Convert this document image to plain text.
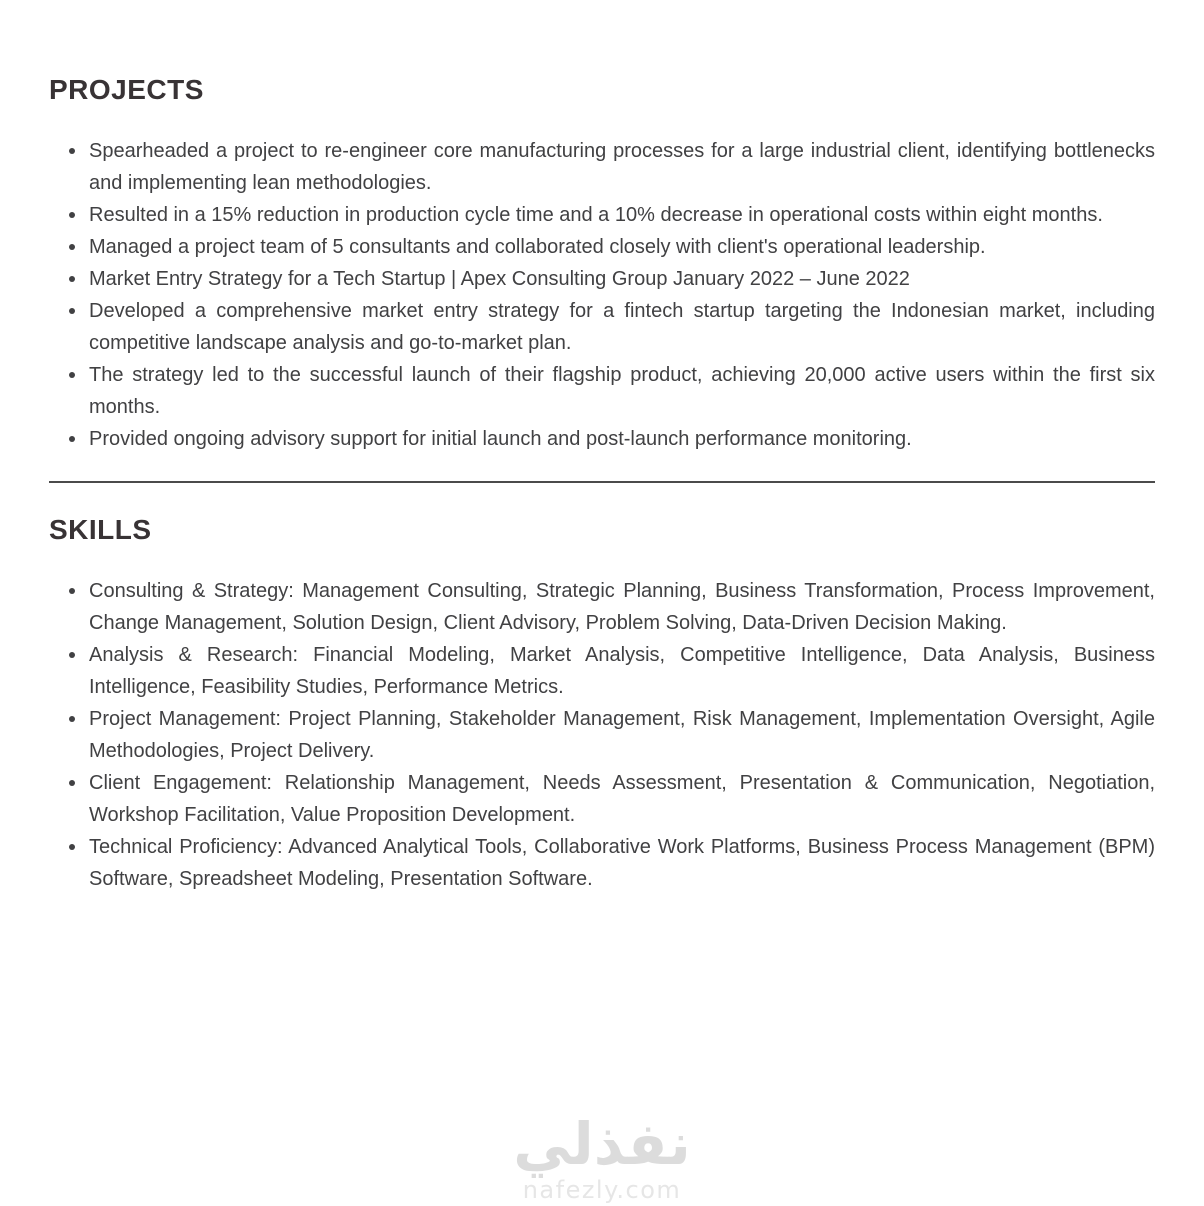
PROJECTS
Spearheaded a project to re-engineer core manufacturing processes for a large industrial client, identifying bottlenecks and implementing lean methodologies.
Resulted in a 15% reduction in production cycle time and a 10% decrease in operational costs within eight months.
Managed a project team of 5 consultants and collaborated closely with client's operational leadership.
Market Entry Strategy for a Tech Startup | Apex Consulting Group January 2022 – June 2022
Developed a comprehensive market entry strategy for a fintech startup targeting the Indonesian market, including competitive landscape analysis and go-to-market plan.
The strategy led to the successful launch of their flagship product, achieving 20,000 active users within the first six months.
Provided ongoing advisory support for initial launch and post-launch performance monitoring.
SKILLS
Consulting & Strategy: Management Consulting, Strategic Planning, Business Transformation, Process Improvement, Change Management, Solution Design, Client Advisory, Problem Solving, Data-Driven Decision Making.
Analysis & Research: Financial Modeling, Market Analysis, Competitive Intelligence, Data Analysis, Business Intelligence, Feasibility Studies, Performance Metrics.
Project Management: Project Planning, Stakeholder Management, Risk Management, Implementation Oversight, Agile Methodologies, Project Delivery.
Client Engagement: Relationship Management, Needs Assessment, Presentation & Communication, Negotiation, Workshop Facilitation, Value Proposition Development.
Technical Proficiency: Advanced Analytical Tools, Collaborative Work Platforms, Business Process Management (BPM) Software, Spreadsheet Modeling, Presentation Software.
نفذلي
nafezly.com
